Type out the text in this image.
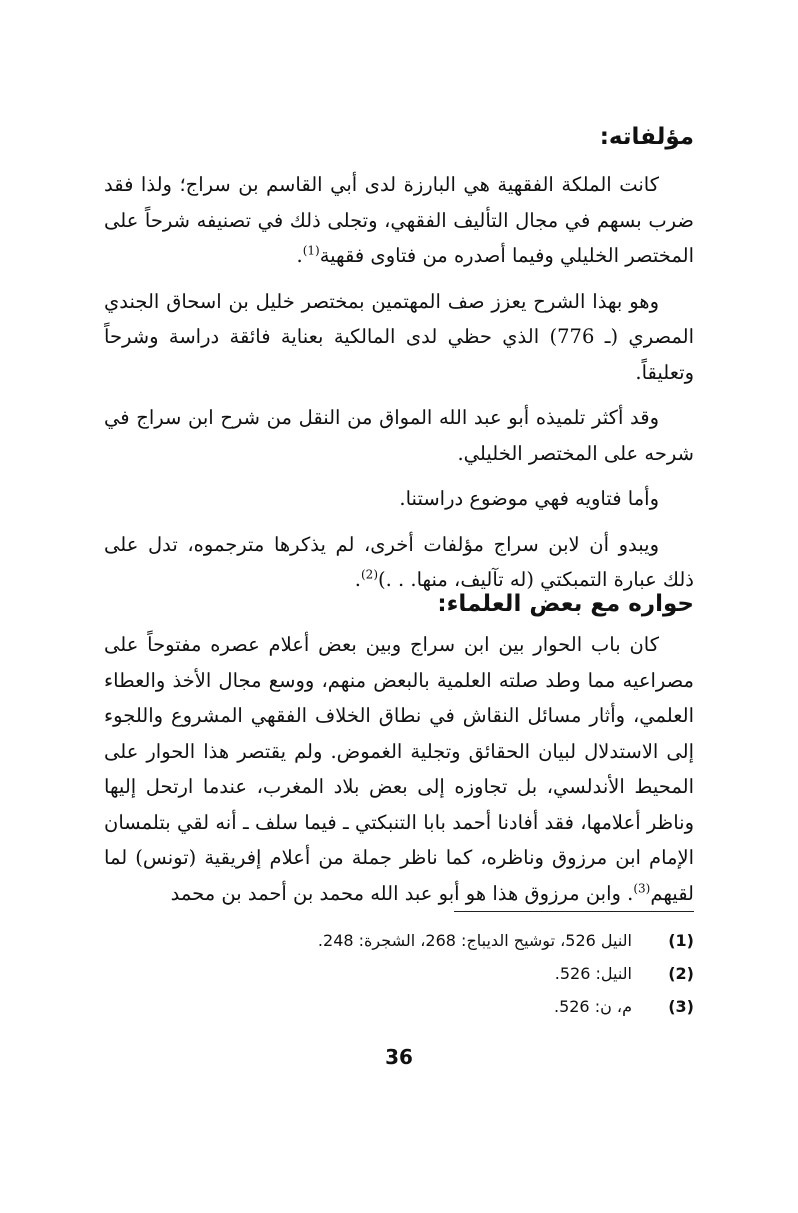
مؤلفاته:

كانت الملكة الفقهية هي البارزة لدى أبي القاسم بن سراج؛ ولذا فقد ضرب بسهم في مجال التأليف الفقهي، وتجلى ذلك في تصنيفه شرحاً على المختصر الخليلي وفيما أصدره من فتاوى فقهية$^{(1)}$.

وهو بهذا الشرح يعزز صف المهتمين بمختصر خليل بن اسحاق الجندي المصري (ـ 776) الذي حظي لدى المالكية بعناية فائقة دراسة وشرحاً وتعليقاً.

وقد أكثر تلميذه أبو عبد الله المواق من النقل من شرح ابن سراج في شرحه على المختصر الخليلي.

وأما فتاويه فهي موضوع دراستنا.

ويبدو أن لابن سراج مؤلفات أخرى، لم يذكرها مترجموه، تدل على ذلك عبارة التمبكتي (له تآليف، منها. . .)$^{(2)}$.

حواره مع بعض العلماء:

كان باب الحوار بين ابن سراج وبين بعض أعلام عصره مفتوحاً على مصراعيه مما وطد صلته العلمية بالبعض منهم، ووسع مجال الأخذ والعطاء العلمي، وأثار مسائل النقاش في نطاق الخلاف الفقهي المشروع واللجوء إلى الاستدلال لبيان الحقائق وتجلية الغموض. ولم يقتصر هذا الحوار على المحيط الأندلسي، بل تجاوزه إلى بعض بلاد المغرب، عندما ارتحل إليها وناظر أعلامها، فقد أفادنا أحمد بابا التنبكتي ـ فيما سلف ـ أنه لقي بتلمسان الإمام ابن مرزوق وناظره، كما ناظر جملة من أعلام إفريقية (تونس) لما لقيهم$^{(3)}$. وابن مرزوق هذا هو أبو عبد الله محمد بن أحمد بن محمد

(1)
النيل 526، توشيح الديباج: 268، الشجرة: 248.
(2)
النيل: 526.
(3)
م، ن: 526.
36
